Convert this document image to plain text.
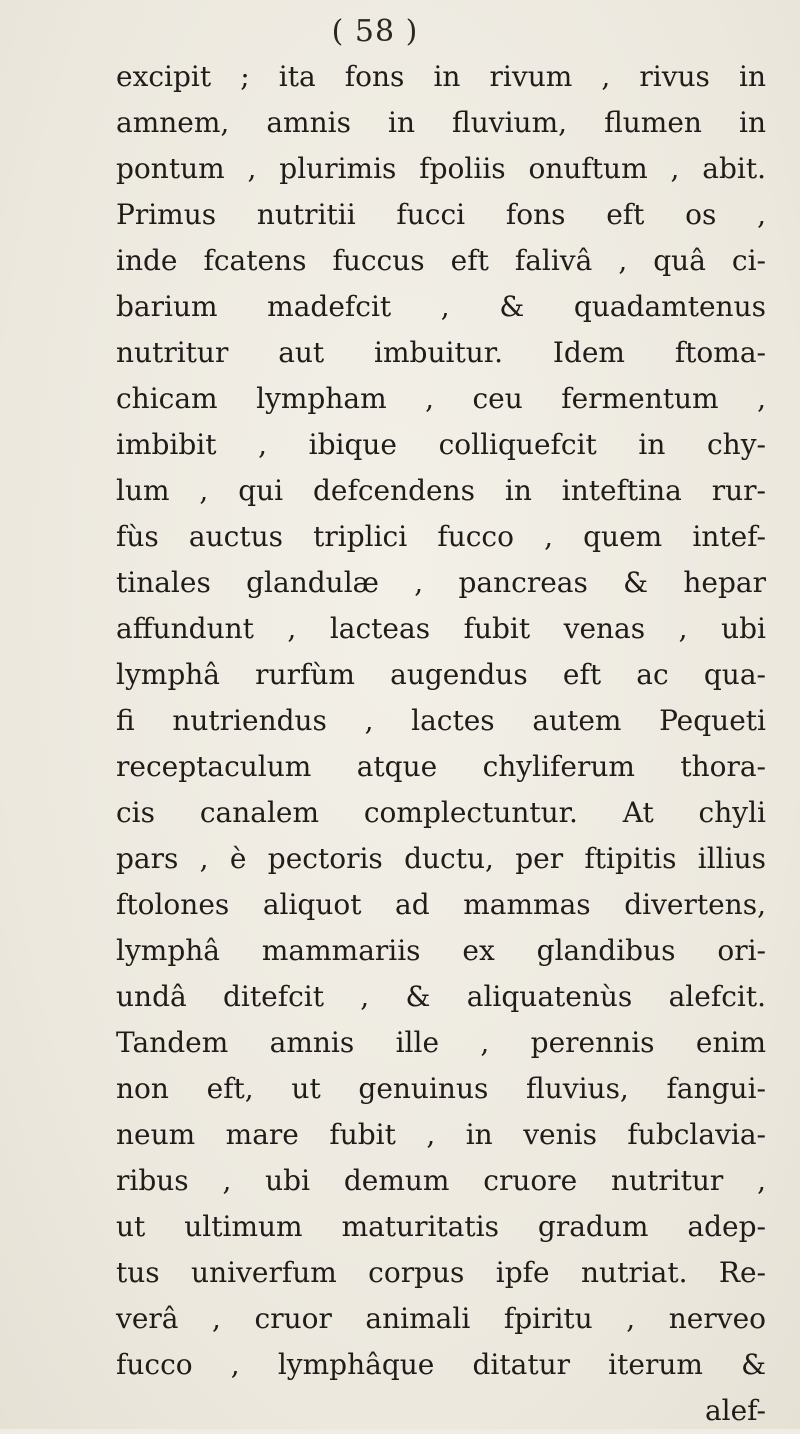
( 58 )
excipit ; ita fons in rivum , rivus in
amnem, amnis in fluvium, flumen in
pontum , plurimis fpoliis onuftum , abit.
Primus nutritii fucci fons eft os ,
inde fcatens fuccus eft falivâ , quâ ci-
barium madefcit , & quadamtenus
nutritur aut imbuitur. Idem ftoma-
chicam lympham , ceu fermentum ,
imbibit , ibique colliquefcit in chy-
lum , qui defcendens in inteftina rur-
fùs auctus triplici fucco , quem intef-
tinales glandulæ , pancreas & hepar
affundunt , lacteas fubit venas , ubi
lymphâ rurfùm augendus eft ac qua-
fi nutriendus , lactes autem Pequeti
receptaculum atque chyliferum thora-
cis canalem complectuntur. At chyli
pars , è pectoris ductu, per ftipitis illius
ftolones aliquot ad mammas divertens,
lymphâ mammariis ex glandibus ori-
undâ ditefcit , & aliquatenùs alefcit.
Tandem amnis ille , perennis enim
non eft, ut genuinus fluvius, fangui-
neum mare fubit , in venis fubclavia-
ribus , ubi demum cruore nutritur ,
ut ultimum maturitatis gradum adep-
tus univerfum corpus ipfe nutriat. Re-
verâ , cruor animali fpiritu , nerveo
fucco , lymphâque ditatur iterum &
alef-
